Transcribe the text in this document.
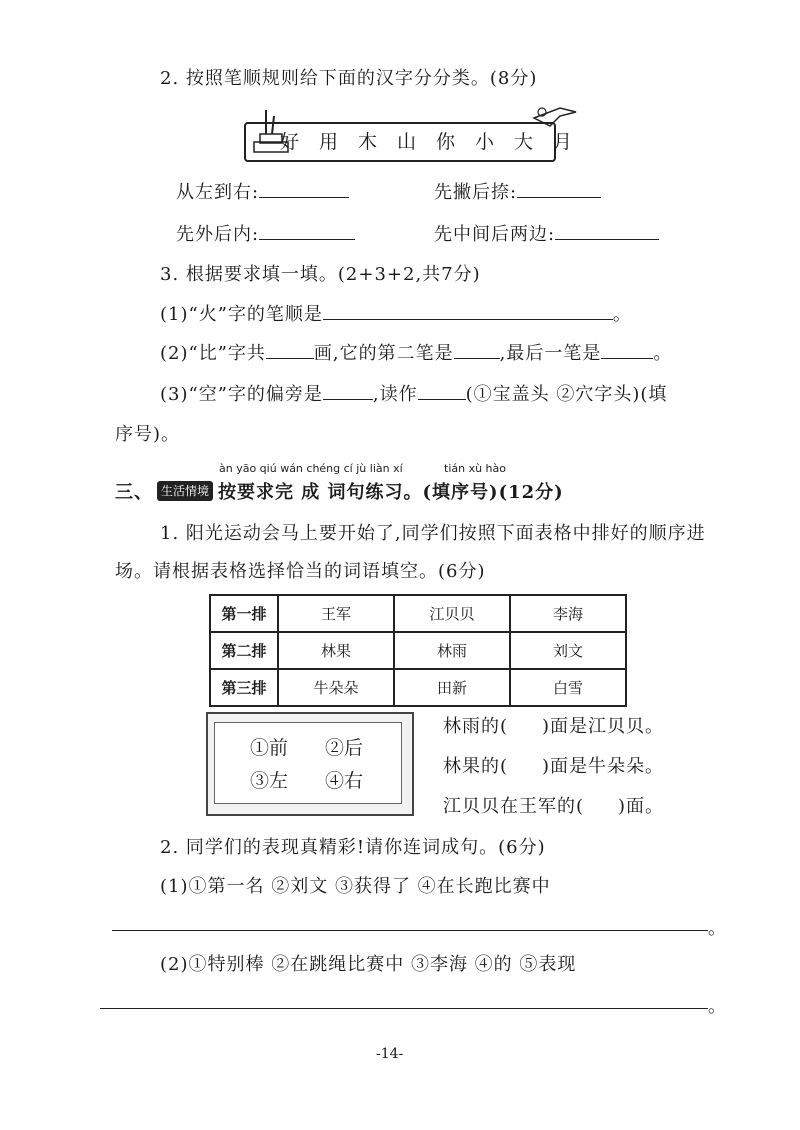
2. 按照笔顺规则给下面的汉字分分类。(8分)
好用木山你小大月
从左到右:	先撇后捺:
先外后内:	先中间后两边:
3. 根据要求填一填。(2+3+2,共7分)
(1)“火”字的笔顺是	。
(2)“比”字共	画,它的第二笔是	,最后一笔是	。
(3)“空”字的偏旁是	,读作	(①宝盖头 ②穴字头)(填
序号)。
àn yāo qiú wán chéng cí jù liàn xí	tián xù hào
三、 生活情境 按要求完 成 词句练习。(填序号)(12分)
1. 阳光运动会马上要开始了,同学们按照下面表格中排好的顺序进
场。请根据表格选择恰当的词语填空。(6分)
第一排	王军	江贝贝	李海
第二排	林果	林雨	刘文
第三排	牛朵朵	田新	白雪
①前 ②后
③左 ④右
林雨的( )面是江贝贝。
林果的( )面是牛朵朵。
江贝贝在王军的( )面。
2. 同学们的表现真精彩!请你连词成句。(6分)
(1)①第一名 ②刘文 ③获得了 ④在长跑比赛中
。
(2)①特别棒 ②在跳绳比赛中 ③李海 ④的 ⑤表现
。
-14-
